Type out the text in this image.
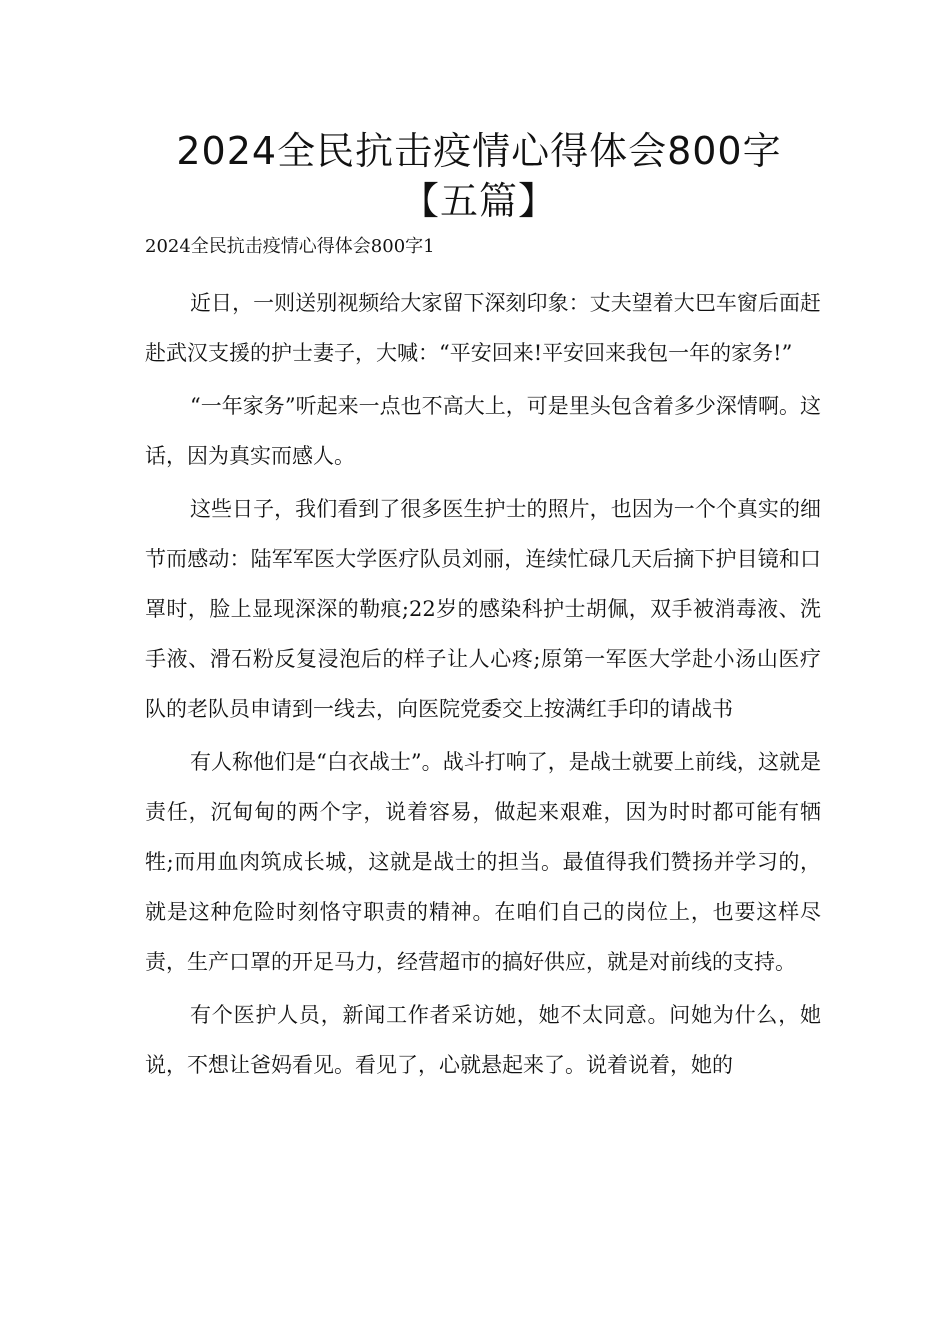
2024全民抗击疫情心得体会800字【五篇】
2024全民抗击疫情心得体会800字1

近日，一则送别视频给大家留下深刻印象：丈夫望着大巴车窗后面赶赴武汉支援的护士妻子，大喊：“平安回来!平安回来我包一年的家务!”

“一年家务”听起来一点也不高大上，可是里头包含着多少深情啊。这话，因为真实而感人。

这些日子，我们看到了很多医生护士的照片，也因为一个个真实的细节而感动：陆军军医大学医疗队员刘丽，连续忙碌几天后摘下护目镜和口罩时，脸上显现深深的勒痕;22岁的感染科护士胡佩，双手被消毒液、洗手液、滑石粉反复浸泡后的样子让人心疼;原第一军医大学赴小汤山医疗队的老队员申请到一线去，向医院党委交上按满红手印的请战书

有人称他们是“白衣战士”。战斗打响了，是战士就要上前线，这就是责任，沉甸甸的两个字，说着容易，做起来艰难，因为时时都可能有牺牲;而用血肉筑成长城，这就是战士的担当。最值得我们赞扬并学习的，就是这种危险时刻恪守职责的精神。在咱们自己的岗位上，也要这样尽责，生产口罩的开足马力，经营超市的搞好供应，就是对前线的支持。

有个医护人员，新闻工作者采访她，她不太同意。问她为什么，她说，不想让爸妈看见。看见了，心就悬起来了。说着说着，她的
